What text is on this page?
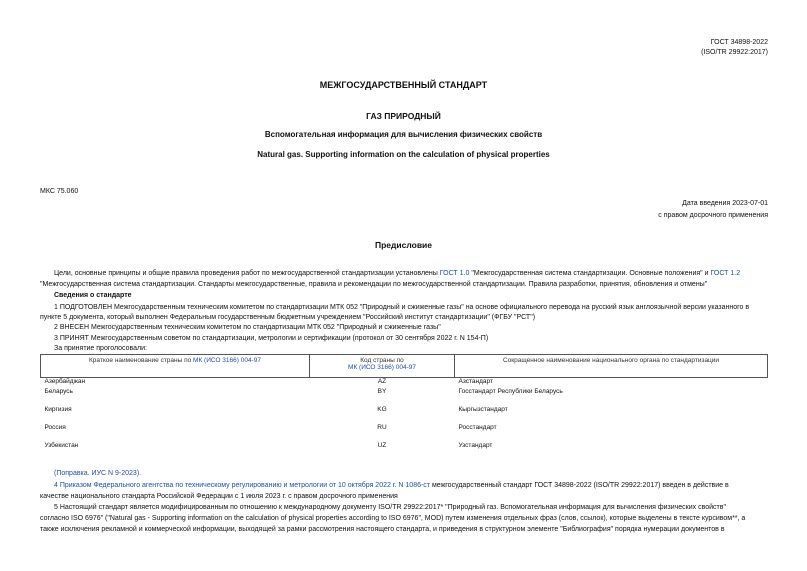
ГОСТ 34898-2022
(ISO/TR 29922:2017)
МЕЖГОСУДАРСТВЕННЫЙ СТАНДАРТ
ГАЗ ПРИРОДНЫЙ
Вспомогательная информация для вычисления физических свойств
Natural gas. Supporting information on the calculation of physical properties
МКС 75.060
Дата введения 2023-07-01
с правом досрочного применения
Предисловие
Цели, основные принципы и общие правила проведения работ по межгосударственной стандартизации установлены ГОСТ 1.0 "Межгосударственная система стандартизации. Основные положения" и ГОСТ 1.2
"Межгосударственная система стандартизации. Стандарты межгосударственные, правила и рекомендации по межгосударственной стандартизации. Правила разработки, принятия, обновления и отмены"
Сведения о стандарте
1 ПОДГОТОВЛЕН Межгосударственным техническим комитетом по стандартизации МТК 052 "Природный и сжиженные газы" на основе официального перевода на русский язык англоязычной версии указанного в
пункте 5 документа, который выполнен Федеральным государственным бюджетным учреждением "Российский институт стандартизации" (ФГБУ "РСТ")
2 ВНЕСЕН Межгосударственным техническим комитетом по стандартизации МТК 052 "Природный и сжиженные газы"
3 ПРИНЯТ Межгосударственным советом по стандартизации, метрологии и сертификации (протокол от 30 сентября 2022 г. N 154-П)
За принятие проголосовали:
Краткое наименование страны по МК (ИСО 3166) 004-97	Код страны по
МК (ИСО 3166) 004-97	Сокращенное наименование национального органа по стандартизации
Азербайджан	AZ	Азстандарт
Беларусь	BY	Госстандарт Республики Беларусь
Киргизия	KG	Кыргызстандарт
Россия	RU	Росстандарт
Узбекистан	UZ	Узстандарт
(Поправка. ИУС N 9-2023).
4 Приказом Федерального агентства по техническому регулированию и метрологии от 10 октября 2022 г. N 1086-ст межгосударственный стандарт ГОСТ 34898-2022 (ISO/TR 29922:2017) введен в действие в
качестве национального стандарта Российской Федерации с 1 июля 2023 г. с правом досрочного применения
5 Настоящий стандарт является модифицированным по отношению к международному документу ISO/TR 29922:2017* "Природный газ. Вспомогательная информация для вычисления физических свойств"
согласно ISO 6976" ("Natural gas - Supporting information on the calculation of physical properties according to ISO 6976", MOD) путем изменения отдельных фраз (слов, ссылок), которые выделены в тексте курсивом**, а
также исключения рекламной и коммерческой информации, выходящей за рамки рассмотрения настоящего стандарта, и приведения в структурном элементе "Библиография" порядка нумерации документов в
